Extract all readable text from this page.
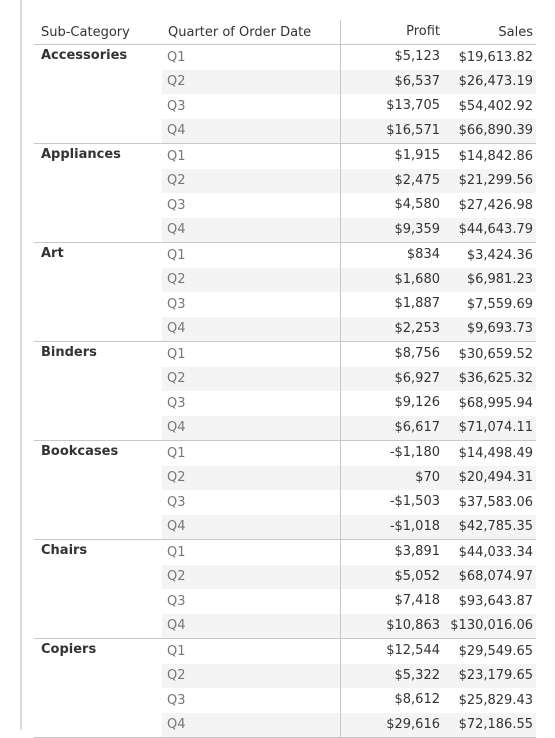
Sub-Category	Quarter of Order Date	Profit	Sales
Accessories	Q1	$5,123	$19,613.82
Q2	$6,537	$26,473.19
Q3	$13,705	$54,402.92
Q4	$16,571	$66,890.39
Appliances	Q1	$1,915	$14,842.86
Q2	$2,475	$21,299.56
Q3	$4,580	$27,426.98
Q4	$9,359	$44,643.79
Art	Q1	$834	$3,424.36
Q2	$1,680	$6,981.23
Q3	$1,887	$7,559.69
Q4	$2,253	$9,693.73
Binders	Q1	$8,756	$30,659.52
Q2	$6,927	$36,625.32
Q3	$9,126	$68,995.94
Q4	$6,617	$71,074.11
Bookcases	Q1	-$1,180	$14,498.49
Q2	$70	$20,494.31
Q3	-$1,503	$37,583.06
Q4	-$1,018	$42,785.35
Chairs	Q1	$3,891	$44,033.34
Q2	$5,052	$68,074.97
Q3	$7,418	$93,643.87
Q4	$10,863 $130,016.06
Copiers	Q1	$12,544	$29,549.65
Q2	$5,322	$23,179.65
Q3	$8,612	$25,829.43
Q4	$29,616	$72,186.55
